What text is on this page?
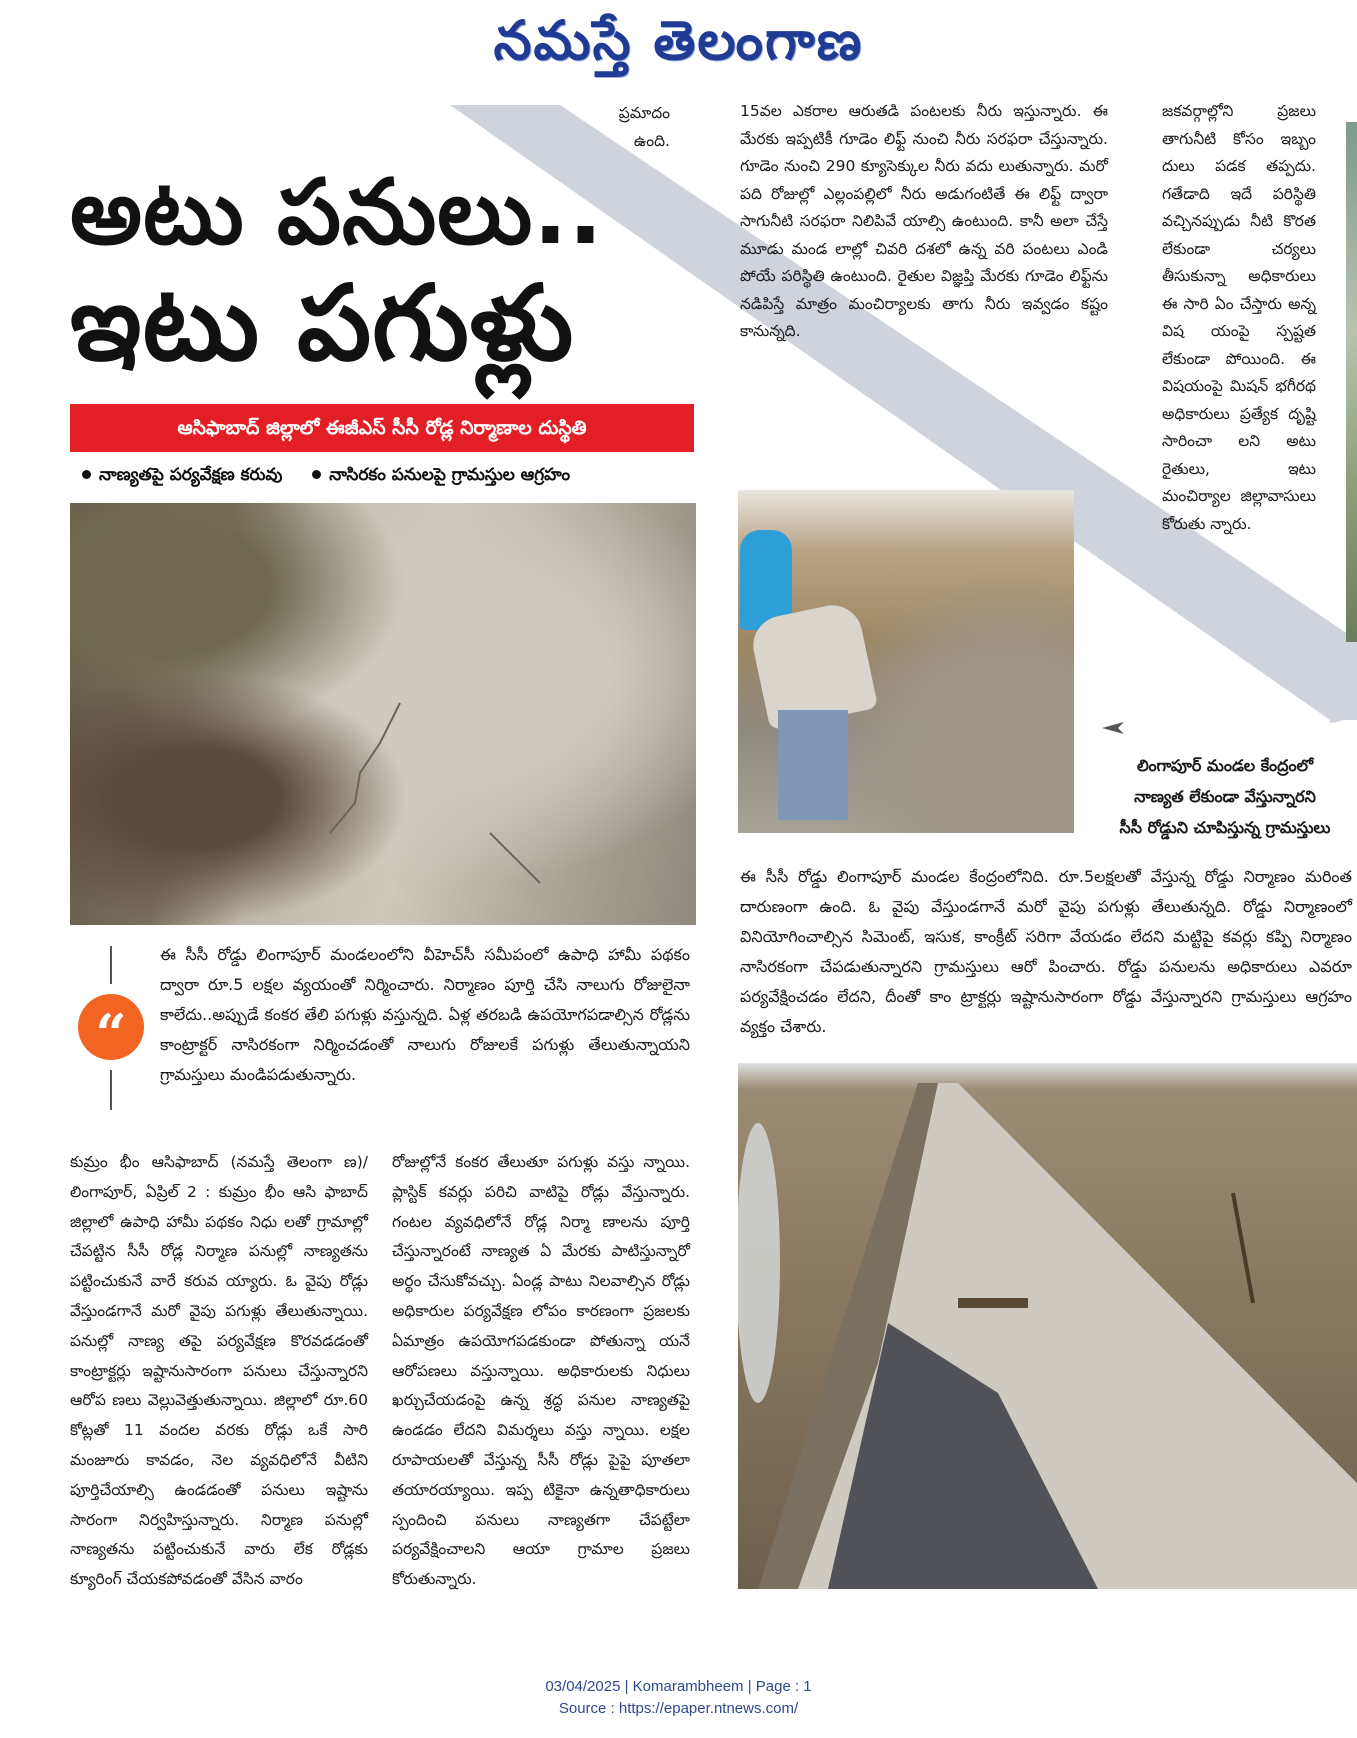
నమస్తే తెలంగాణ
ప్రమాదం
ఉంది.
15వల ఎకరాల ఆరుతడి పంటలకు నీరు ఇస్తున్నారు. ఈ మేరకు ఇప్పటికీ గూడెం లిఫ్ట్ నుంచి నీరు సరఫరా చేస్తున్నారు. గూడెం నుంచి 290 క్యూసెక్కుల నీరు వదు లుతున్నారు. మరో పది రోజుల్లో ఎల్లంపల్లిలో నీరు అడుగంటితే ఈ లిఫ్ట్ ద్వారా సాగునీటి సరఫరా నిలిపివే యాల్సి ఉంటుంది. కానీ అలా చేస్తే మూడు మండ లాల్లో చివరి దశలో ఉన్న వరి పంటలు ఎండి పోయే పరిస్థితి ఉంటుంది. రైతుల విజ్ఞప్తి మేరకు గూడెం లిఫ్ట్‌ను నడిపిస్తే మాత్రం మంచిర్యాలకు తాగు నీరు ఇవ్వడం కష్టం కానున్నది.
జకవర్గాల్లోని ప్రజలు తాగునీటి కోసం ఇబ్బం దులు పడక తప్పదు. గతేడాది ఇదే పరిస్థితి వచ్చినప్పుడు నీటి కొరత లేకుండా చర్యలు తీసుకున్నా అధికారులు ఈ సారి ఏం చేస్తారు అన్న విష యంపై స్పష్టత లేకుండా పోయింది. ఈ విషయంపై మిషన్ భగీరథ అధికారులు ప్రత్యేక దృష్టి సారించా లని అటు రైతులు, ఇటు మంచిర్యాల జిల్లావాసులు కోరుతు న్నారు.
అటు పనులు..
ఇటు పగుళ్లు
ఆసిఫాబాద్ జిల్లాలో ఈజీఎస్ సీసీ రోడ్ల నిర్మాణాల దుస్థితి
నాణ్యతపై పర్యవేక్షణ కరువు	నాసిరకం పనులపై గ్రామస్తుల ఆగ్రహం
లింగాపూర్ మండల కేంద్రంలో
నాణ్యత లేకుండా వేస్తున్నారని
సీసీ రోడ్డుని చూపిస్తున్న గ్రామస్తులు
“
ఈ సీసీ రోడ్డు లింగాపూర్ మండలంలోని వీహెచ్‌సీ సమీపంలో ఉపాధి హామీ పథకం ద్వారా రూ.5 లక్షల వ్యయంతో నిర్మించారు. నిర్మాణం పూర్తి చేసి నాలుగు రోజులైనా కాలేదు..అప్పుడే కంకర తేలి పగుళ్లు వస్తున్నది. ఏళ్ల తరబడి ఉపయోగపడాల్సిన రోడ్లను కాంట్రాక్టర్ నాసిరకంగా నిర్మించడంతో నాలుగు రోజులకే పగుళ్లు తేలుతున్నాయని గ్రామస్తులు మండిపడుతున్నారు.
ఈ సీసీ రోడ్డు లింగాపూర్ మండల కేంద్రంలోనిది. రూ.5లక్షలతో వేస్తున్న రోడ్డు నిర్మాణం మరింత దారుణంగా ఉంది. ఓ వైపు వేస్తుండగానే మరో వైపు పగుళ్లు తేలుతున్నది. రోడ్డు నిర్మాణంలో వినియోగించాల్సిన సిమెంట్, ఇసుక, కాంక్రీట్ సరిగా వేయడం లేదని మట్టిపై కవర్లు కప్పి నిర్మాణం నాసిరకంగా చేపడుతున్నారని గ్రామస్తులు ఆరో పించారు. రోడ్డు పనులను అధికారులు ఎవరూ పర్యవేక్షించడం లేదని, దీంతో కాం ట్రాక్టర్లు ఇష్టానుసారంగా రోడ్డు వేస్తున్నారని గ్రామస్తులు ఆగ్రహం వ్యక్తం చేశారు.
కుమ్రం భీం ఆసిఫాబాద్ (నమస్తే తెలంగా ణ)/లింగాపూర్, ఏప్రిల్ 2 : కుమ్రం భీం ఆసి ఫాబాద్ జిల్లాలో ఉపాధి హామీ పథకం నిధు లతో గ్రామాల్లో చేపట్టిన సీసీ రోడ్ల నిర్మాణ పనుల్లో నాణ్యతను పట్టించుకునే వారే కరువ య్యారు. ఓ వైపు రోడ్లు వేస్తుండగానే మరో వైపు పగుళ్లు తేలుతున్నాయి. పనుల్లో నాణ్య తపై పర్యవేక్షణ కొరవడడంతో కాంట్రాక్టర్లు ఇష్టానుసారంగా పనులు చేస్తున్నారని ఆరోప ణలు వెల్లువెత్తుతున్నాయి. జిల్లాలో రూ.60 కోట్లతో 11 వందల వరకు రోడ్లు ఒకే సారి మంజూరు కావడం, నెల వ్యవధిలోనే వీటిని పూర్తిచేయాల్సి ఉండడంతో పనులు ఇష్టాను సారంగా నిర్వహిస్తున్నారు. నిర్మాణ పనుల్లో నాణ్యతను పట్టించుకునే వారు లేక రోడ్లకు క్యూరింగ్ చేయకపోవడంతో వేసిన వారం
రోజుల్లోనే కంకర తేలుతూ పగుళ్లు వస్తు న్నాయి. ప్లాస్టిక్ కవర్లు పరిచి వాటిపై రోడ్లు వేస్తున్నారు. గంటల వ్యవధిలోనే రోడ్ల నిర్మా ణాలను పూర్తి చేస్తున్నారంటే నాణ్యత ఏ మేరకు పాటిస్తున్నారో అర్థం చేసుకోవచ్చు. ఏండ్ల పాటు నిలవాల్సిన రోడ్లు అధికారుల పర్యవేక్షణ లోపం కారణంగా ప్రజలకు ఏమాత్రం ఉపయోగపడకుండా పోతున్నా యనే ఆరోపణలు వస్తున్నాయి. అధికారులకు నిధులు ఖర్చుచేయడంపై ఉన్న శ్రద్ధ పనుల నాణ్యతపై ఉండడం లేదని విమర్శలు వస్తు న్నాయి. లక్షల రూపాయలతో వేస్తున్న సీసీ రోడ్లు పైపై పూతలా తయారయ్యాయి. ఇప్ప టికైనా ఉన్నతాధికారులు స్పందించి పనులు నాణ్యతగా చేపట్టేలా పర్యవేక్షించాలని ఆయా గ్రామాల ప్రజలు కోరుతున్నారు.
03/04/2025 | Komarambheem | Page : 1
Source : https://epaper.ntnews.com/
